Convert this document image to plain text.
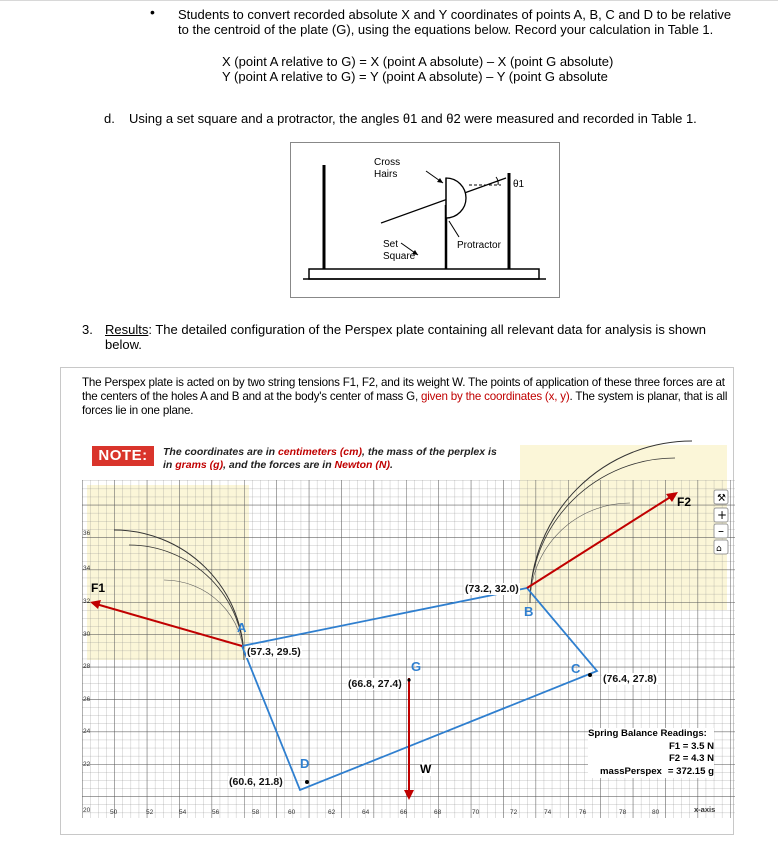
• Students to convert recorded absolute X and Y coordinates of points A, B, C and D to be relative to the centroid of the plate (G), using the equations below. Record your calculation in Table 1.
X (point A relative to G) = X (point A absolute) – X (point G absolute)
Y (point A relative to G) = Y (point A absolute) – Y (point G absolute
d. Using a set square and a protractor, the angles θ1 and θ2 were measured and recorded in Table 1.
Cross Hairs
θ1
Set Square
Protractor
3. Results: The detailed configuration of the Perspex plate containing all relevant data for analysis is shown below.
The Perspex plate is acted on by two string tensions F1, F2, and its weight W. The points of application of these three forces are at the centers of the holes A and B and at the body's center of mass G, given by the coordinates (x, y). The system is planar, that is all forces lie in one plane.
⚒
+
–
⌂
36
34
32
30
28
26
24
22
20	50	52	54	56	58	60	62	64	66	68	70	72	74	76	78	80	x-axis
NOTE:	The coordinates are in centimeters (cm), the mass of the perplex is in grams (g), and the forces are in Newton (N).
A
(57.3, 29.5)
B
(73.2, 32.0)
C
(76.4, 27.8)
D
(60.6, 21.8)
G
(66.8, 27.4)
F1
F2
W
Spring Balance Readings:
F1 = 3.5 N
F2 = 4.3 N
massPerspex = 372.15 g
